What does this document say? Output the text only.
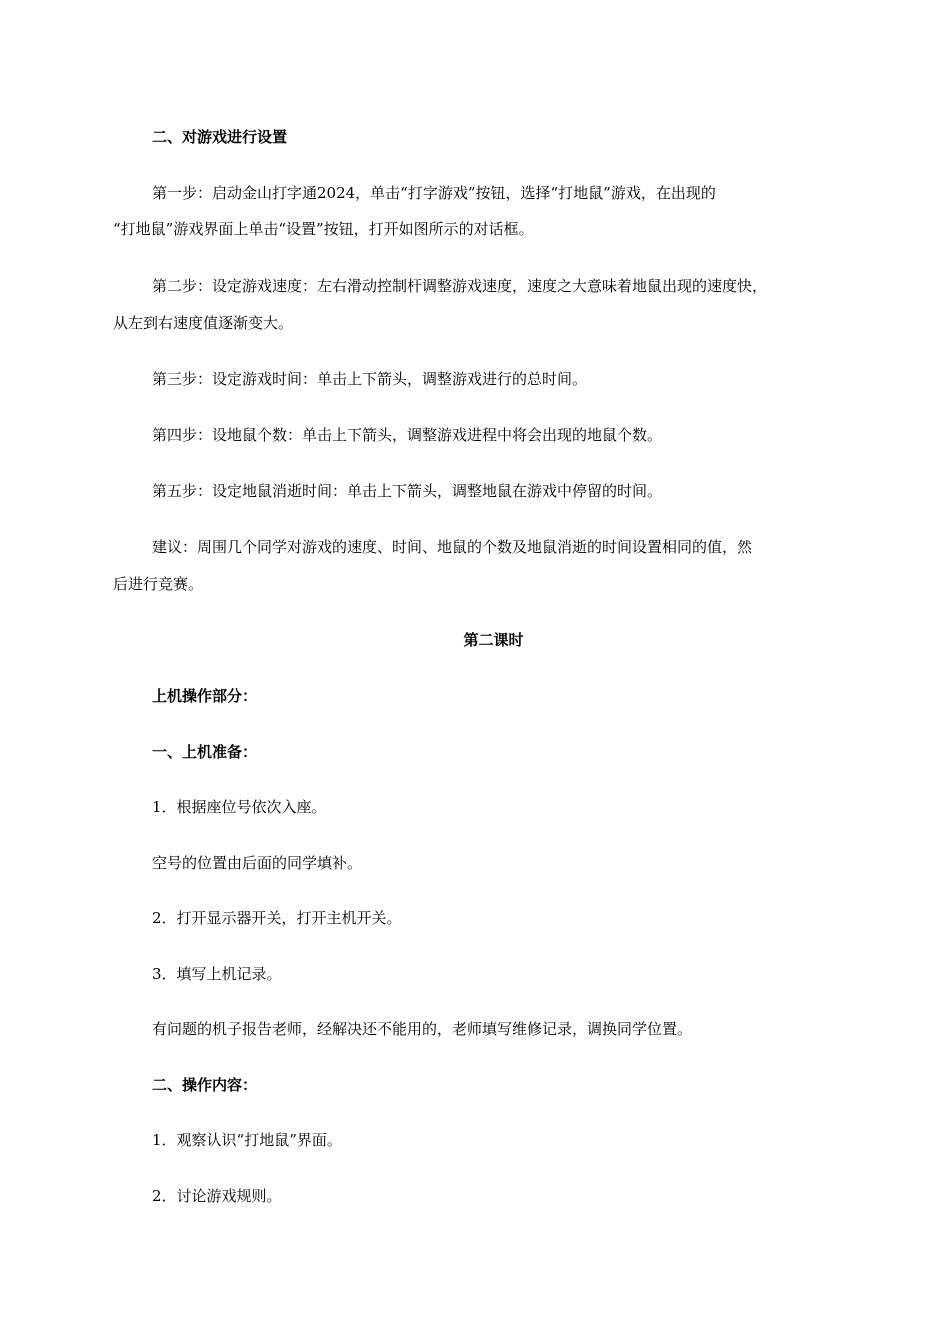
二、对游戏进行设置
第一步：启动金山打字通2024，单击“打字游戏”按钮，选择“打地鼠”游戏，在出现的
“打地鼠”游戏界面上单击“设置”按钮，打开如图所示的对话框。
第二步：设定游戏速度：左右滑动控制杆调整游戏速度，速度之大意味着地鼠出现的速度快，
从左到右速度值逐渐变大。
第三步：设定游戏时间：单击上下箭头，调整游戏进行的总时间。
第四步：设地鼠个数：单击上下箭头，调整游戏进程中将会出现的地鼠个数。
第五步：设定地鼠消逝时间：单击上下箭头，调整地鼠在游戏中停留的时间。
建议：周围几个同学对游戏的速度、时间、地鼠的个数及地鼠消逝的时间设置相同的值，然
后进行竞赛。
第二课时
上机操作部分：
一、上机准备：
1．根据座位号依次入座。
空号的位置由后面的同学填补。
2．打开显示器开关，打开主机开关。
3．填写上机记录。
有问题的机子报告老师，经解决还不能用的，老师填写维修记录，调换同学位置。
二、操作内容：
1．观察认识“打地鼠”界面。
2．讨论游戏规则。
